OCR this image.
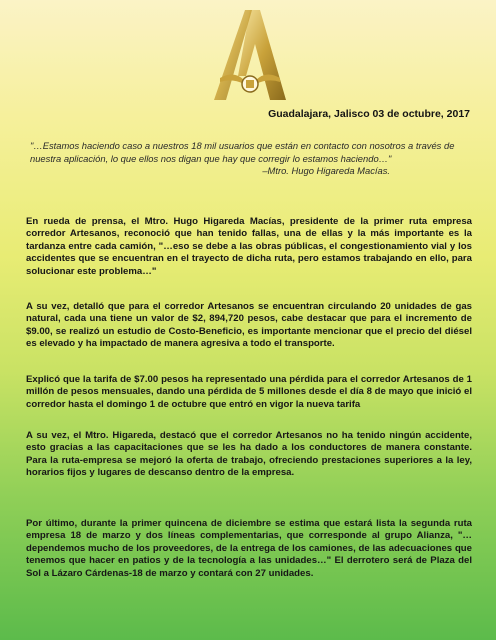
Guadalajara, Jalisco 03 de octubre, 2017
"…Estamos haciendo caso a nuestros 18 mil usuarios que están en contacto con nosotros a través de nuestra aplicación, lo que ellos nos digan que hay que corregir lo estamos haciendo…"
–Mtro. Hugo Higareda Macías.

En rueda de prensa, el Mtro. Hugo Higareda Macías, presidente de la primer ruta empresa corredor Artesanos, reconoció que han tenido fallas, una de ellas y la más importante es la tardanza entre cada camión, "…eso se debe a las obras públicas, el congestionamiento vial y los accidentes que se encuentran en el trayecto de dicha ruta, pero estamos trabajando en ello, para solucionar este problema…"

A su vez, detalló que para el corredor Artesanos se encuentran circulando 20 unidades de gas natural, cada una tiene un valor de $2, 894,720 pesos, cabe destacar que para el incremento de $9.00, se realizó un estudio de Costo-Beneficio, es importante mencionar que el precio del diésel es elevado y ha impactado de manera agresiva a todo el transporte.

Explicó que la tarifa de $7.00 pesos ha representado una pérdida para el corredor Artesanos de 1 millón de pesos mensuales, dando una pérdida de 5 millones desde el día 8 de mayo que inició el corredor hasta el domingo 1 de octubre que entró en vigor la nueva tarifa

A su vez, el Mtro. Higareda, destacó que el corredor Artesanos no ha tenido ningún accidente, esto gracias a las capacitaciones que se les ha dado a los conductores de manera constante. Para la ruta-empresa se mejoró la oferta de trabajo, ofreciendo prestaciones superiores a la ley, horarios fijos y lugares de descanso dentro de la empresa.

Por último, durante la primer quincena de diciembre se estima que estará lista la segunda ruta empresa 18 de marzo y dos líneas complementarias, que corresponde al grupo Alianza, "…dependemos mucho de los proveedores, de la entrega de los camiones, de las adecuaciones que tenemos que hacer en patios y de la tecnología a las unidades…" El derrotero será de Plaza del Sol a Lázaro Cárdenas-18 de marzo y contará con 27 unidades.
